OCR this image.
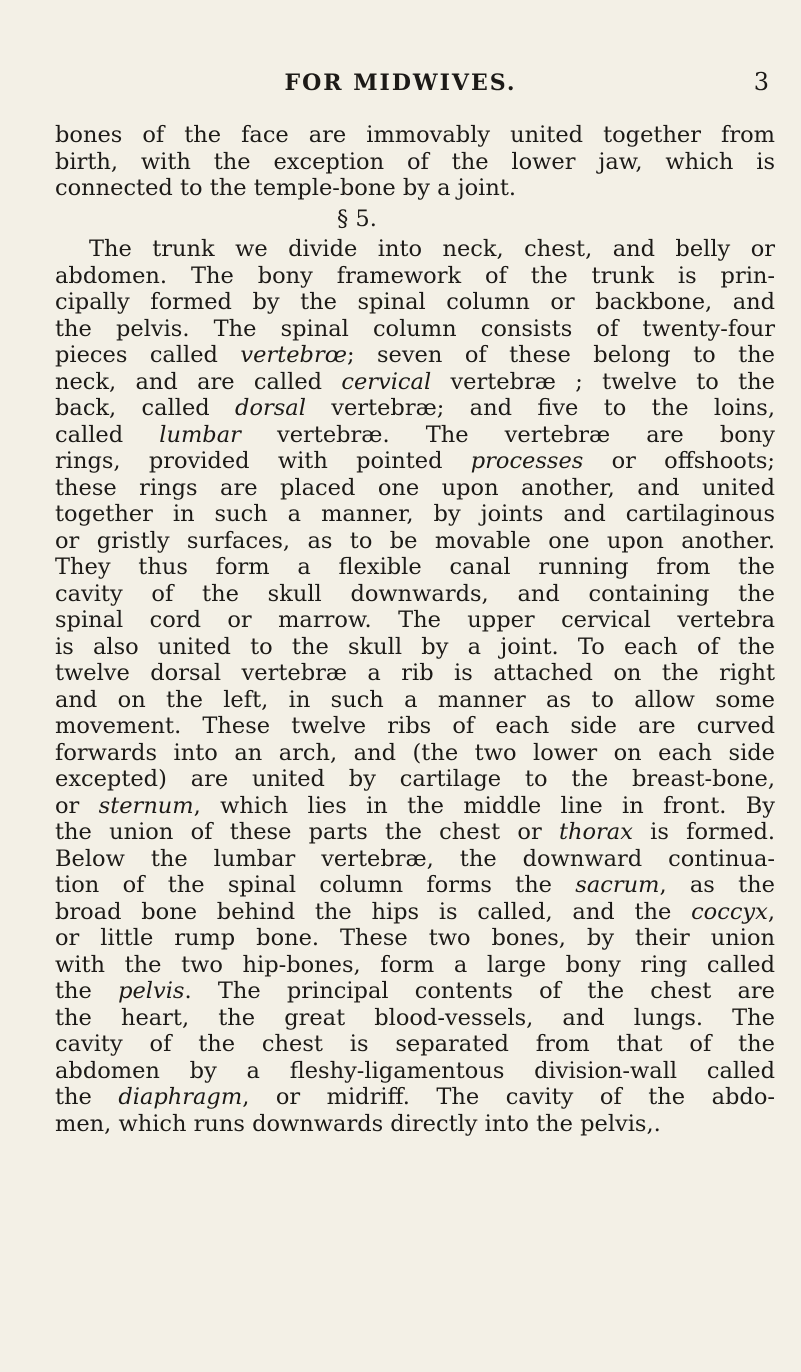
FOR MIDWIVES.	3
bones of the face are immovably united together from
birth, with the exception of the lower jaw, which is
connected to the temple-bone by a joint.
§ 5.
The trunk we divide into neck, chest, and belly or
abdomen. The bony framework of the trunk is prin-
cipally formed by the spinal column or backbone, and
the pelvis. The spinal column consists of twenty-four
pieces called vertebrœ; seven of these belong to the
neck, and are called cervical vertebræ ; twelve to the
back, called dorsal vertebræ; and five to the loins,
called lumbar vertebræ. The vertebræ are bony
rings, provided with pointed processes or offshoots;
these rings are placed one upon another, and united
together in such a manner, by joints and cartilaginous
or gristly surfaces, as to be movable one upon another.
They thus form a flexible canal running from the
cavity of the skull downwards, and containing the
spinal cord or marrow. The upper cervical vertebra
is also united to the skull by a joint. To each of the
twelve dorsal vertebræ a rib is attached on the right
and on the left, in such a manner as to allow some
movement. These twelve ribs of each side are curved
forwards into an arch, and (the two lower on each side
excepted) are united by cartilage to the breast-bone,
or sternum, which lies in the middle line in front. By
the union of these parts the chest or thorax is formed.
Below the lumbar vertebræ, the downward continua-
tion of the spinal column forms the sacrum, as the
broad bone behind the hips is called, and the coccyx,
or little rump bone. These two bones, by their union
with the two hip-bones, form a large bony ring called
the pelvis. The principal contents of the chest are
the heart, the great blood-vessels, and lungs. The
cavity of the chest is separated from that of the
abdomen by a fleshy-ligamentous division-wall called
the diaphragm, or midriff. The cavity of the abdo-
men, which runs downwards directly into the pelvis,.
